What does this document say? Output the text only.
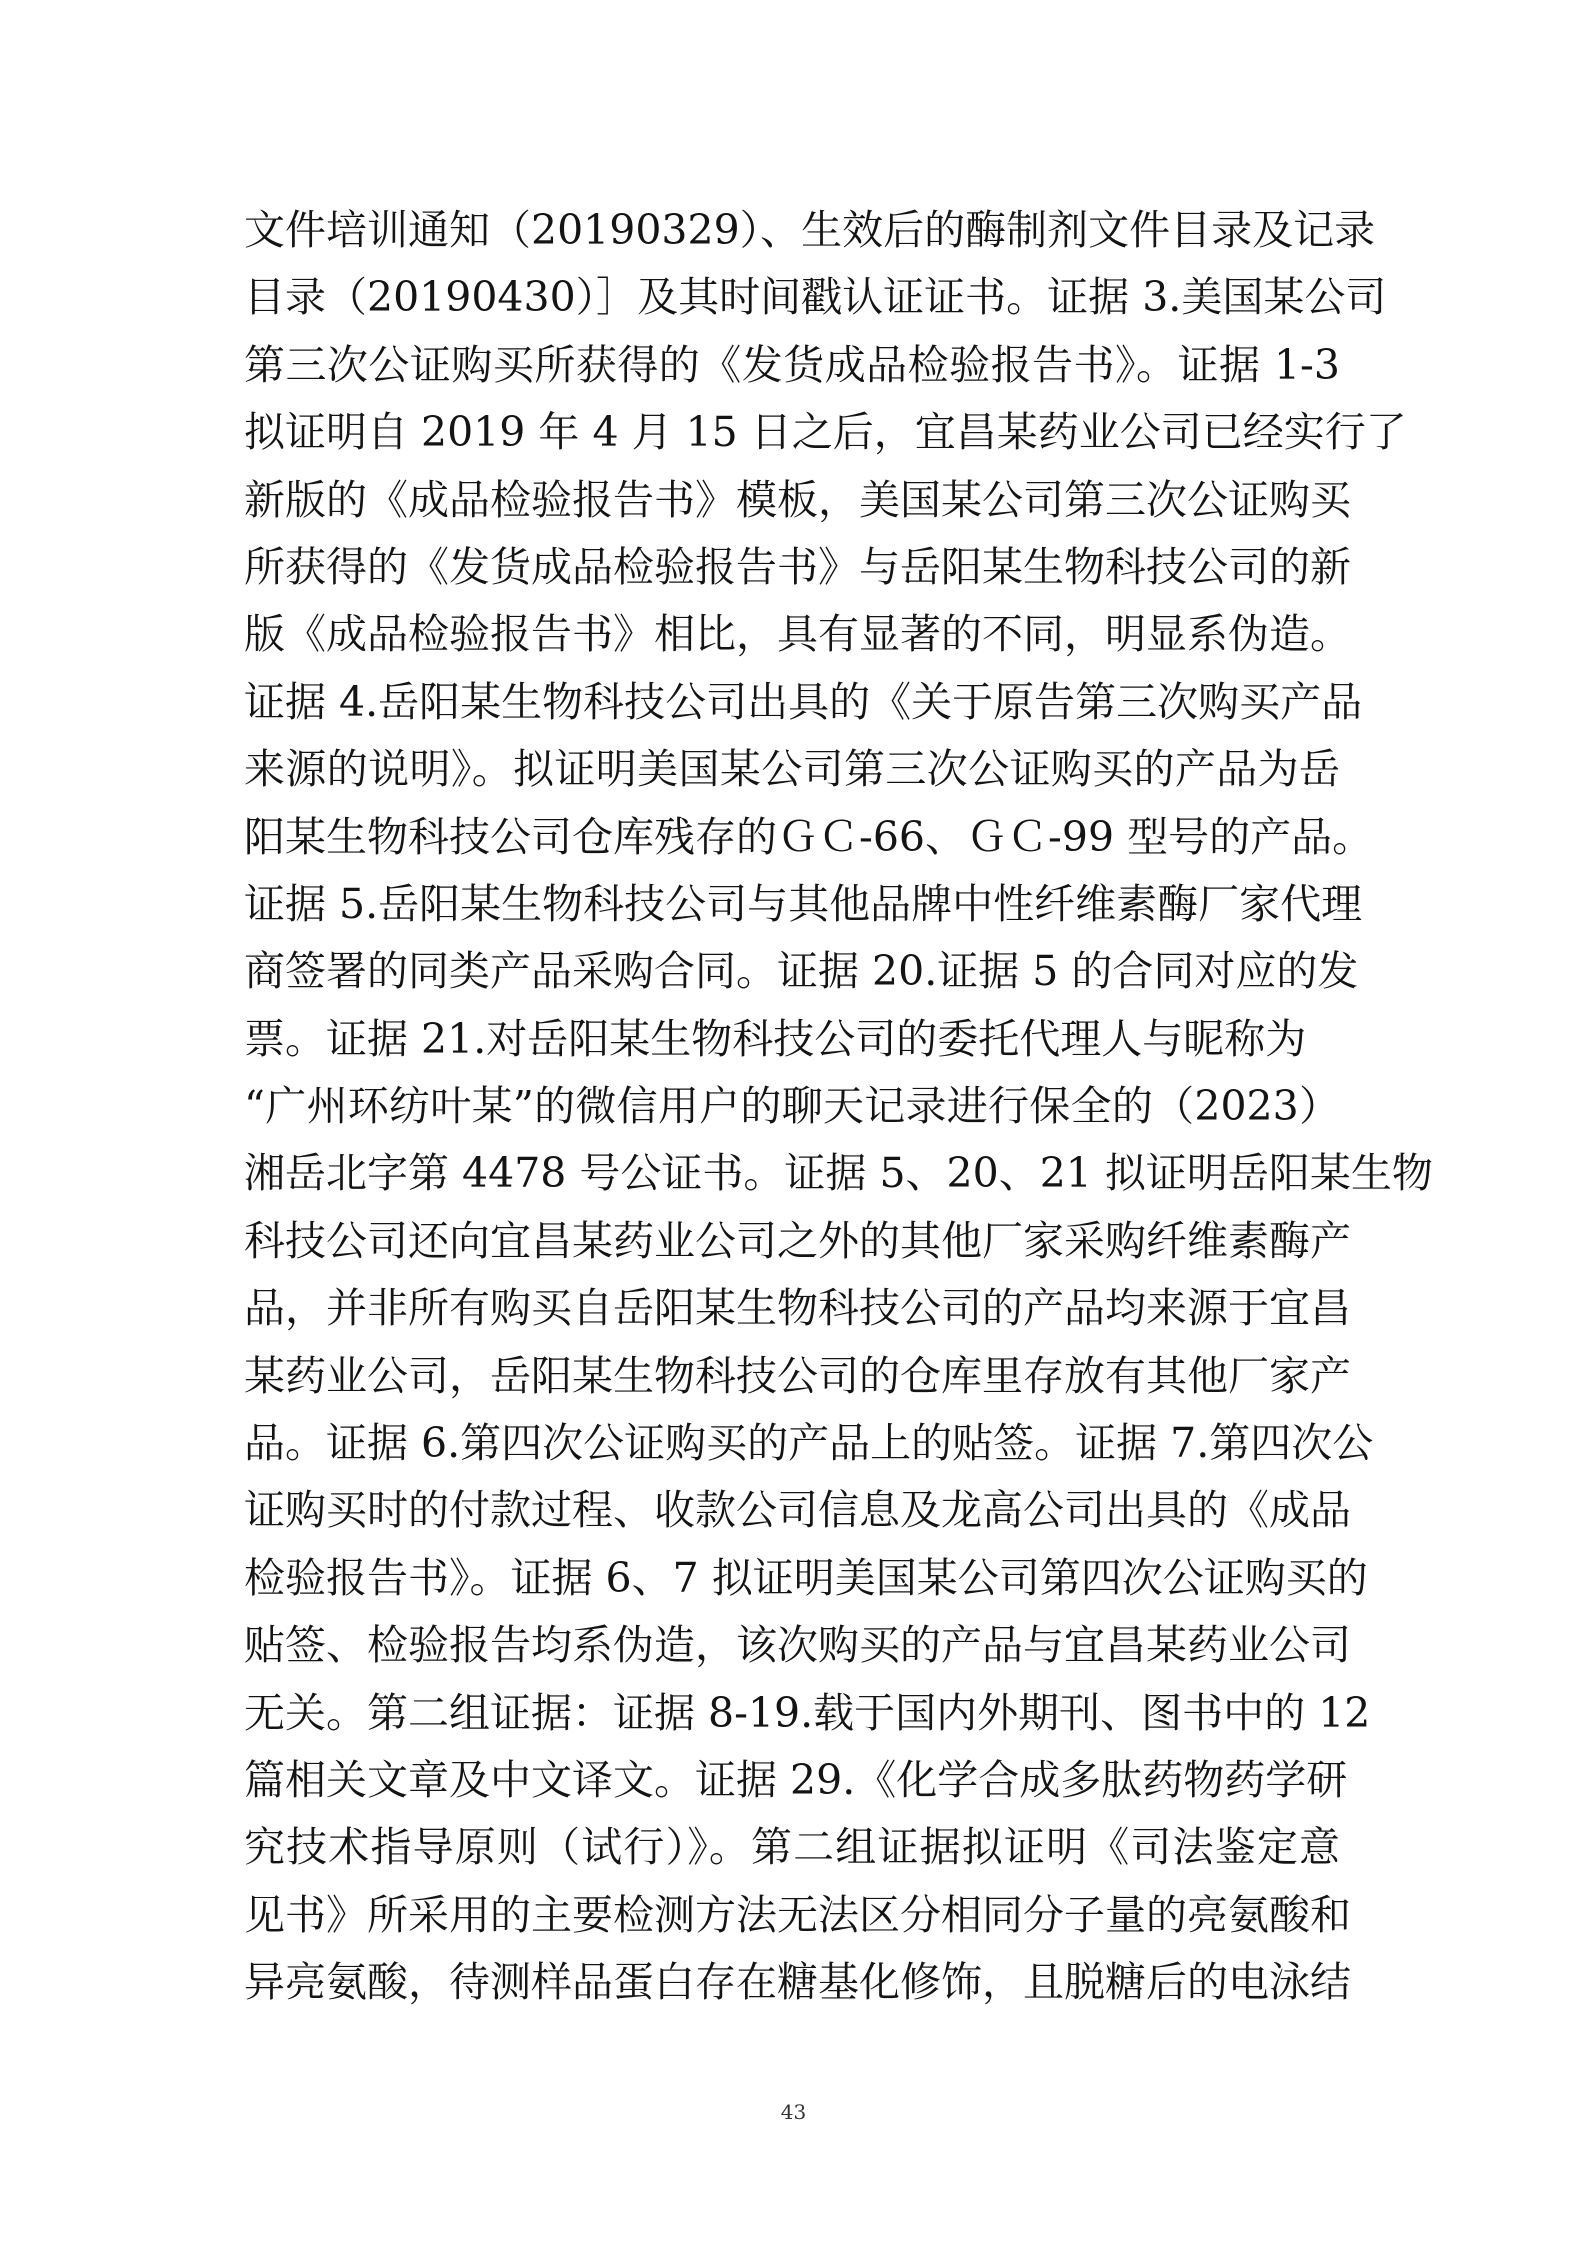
文件培训通知（20190329）、生效后的酶制剂文件目录及记录
目录（20190430）］及其时间戳认证证书。证据 3.美国某公司
第三次公证购买所获得的《发货成品检验报告书》。证据 1-3
拟证明自 2019 年 4 月 15 日之后，宜昌某药业公司已经实行了
新版的《成品检验报告书》模板，美国某公司第三次公证购买
所获得的《发货成品检验报告书》与岳阳某生物科技公司的新
版《成品检验报告书》相比，具有显著的不同，明显系伪造。
证据 4.岳阳某生物科技公司出具的《关于原告第三次购买产品
来源的说明》。拟证明美国某公司第三次公证购买的产品为岳
阳某生物科技公司仓库残存的ＧＣ-66、ＧＣ-99 型号的产品。
证据 5.岳阳某生物科技公司与其他品牌中性纤维素酶厂家代理
商签署的同类产品采购合同。证据 20.证据 5 的合同对应的发
票。证据 21.对岳阳某生物科技公司的委托代理人与昵称为
“广州环纺叶某”的微信用户的聊天记录进行保全的（2023）
湘岳北字第 4478 号公证书。证据 5、20、21 拟证明岳阳某生物
科技公司还向宜昌某药业公司之外的其他厂家采购纤维素酶产
品，并非所有购买自岳阳某生物科技公司的产品均来源于宜昌
某药业公司，岳阳某生物科技公司的仓库里存放有其他厂家产
品。证据 6.第四次公证购买的产品上的贴签。证据 7.第四次公
证购买时的付款过程、收款公司信息及龙高公司出具的《成品
检验报告书》。证据 6、7 拟证明美国某公司第四次公证购买的
贴签、检验报告均系伪造，该次购买的产品与宜昌某药业公司
无关。第二组证据：证据 8-19.载于国内外期刊、图书中的 12
篇相关文章及中文译文。证据 29.《化学合成多肽药物药学研
究技术指导原则（试行）》。第二组证据拟证明《司法鉴定意
见书》所采用的主要检测方法无法区分相同分子量的亮氨酸和
异亮氨酸，待测样品蛋白存在糖基化修饰，且脱糖后的电泳结
43
